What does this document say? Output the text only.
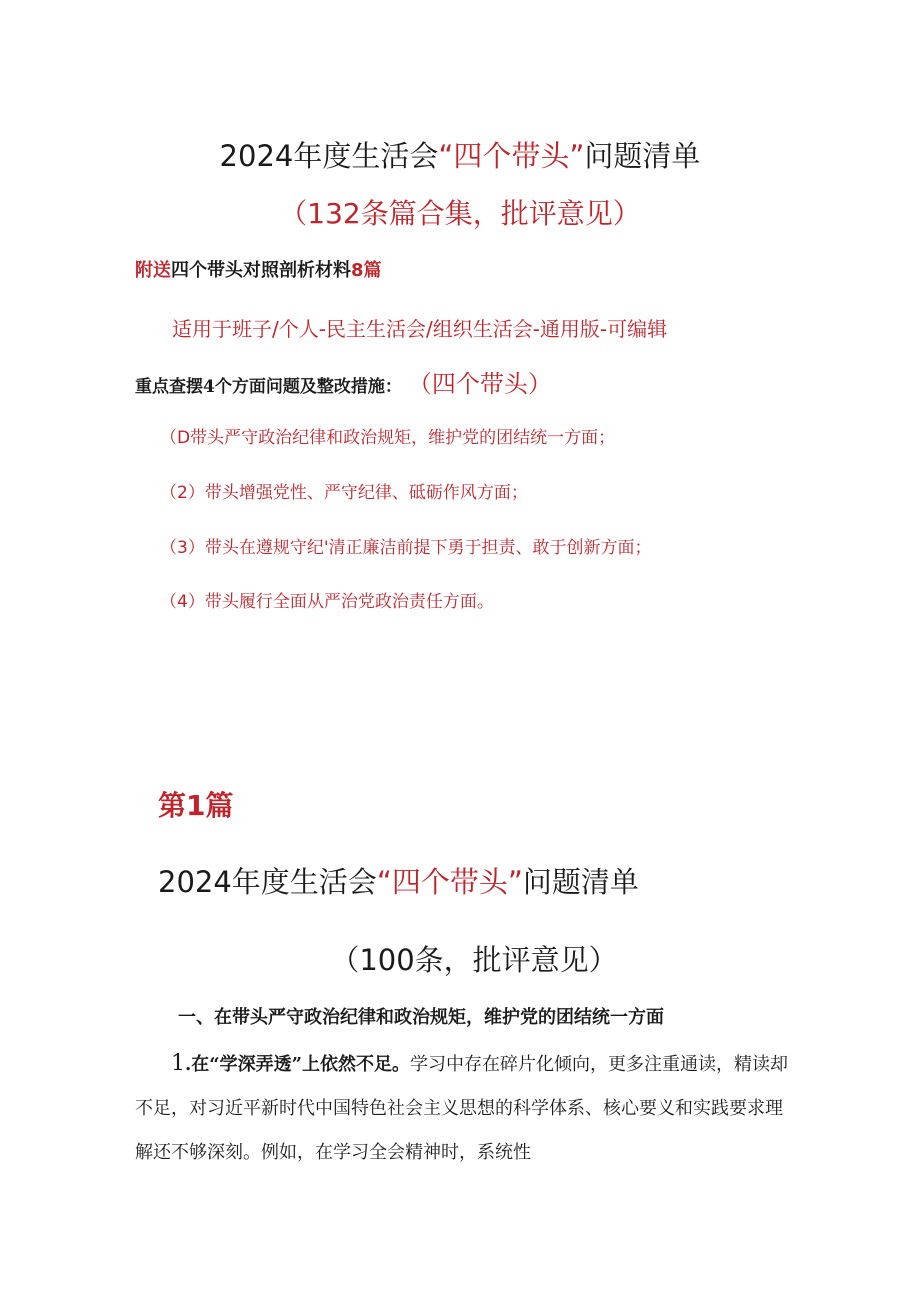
2024年度生活会“四个带头”问题清单
（132条篇合集，批评意见）
附送四个带头对照剖析材料8篇
适用于班子/个人-民主生活会/组织生活会-通用版-可编辑
重点查摆4个方面问题及整改措施： （四个带头）
（D带头严守政治纪律和政治规矩，维护党的团结统一方面；
（2）带头增强党性、严守纪律、砥砺作风方面；
（3）带头在遵规守纪'清正廉洁前提下勇于担责、敢于创新方面；
（4）带头履行全面从严治党政治责任方面。
第1篇
2024年度生活会“四个带头”问题清单
（100条，批评意见）
一、在带头严守政治纪律和政治规矩，维护党的团结统一方面
1.在“学深弄透”上依然不足。学习中存在碎片化倾向，更多注重通读，精读却不足，对习近平新时代中国特色社会主义思想的科学体系、核心要义和实践要求理解还不够深刻。例如，在学习全会精神时，系统性
